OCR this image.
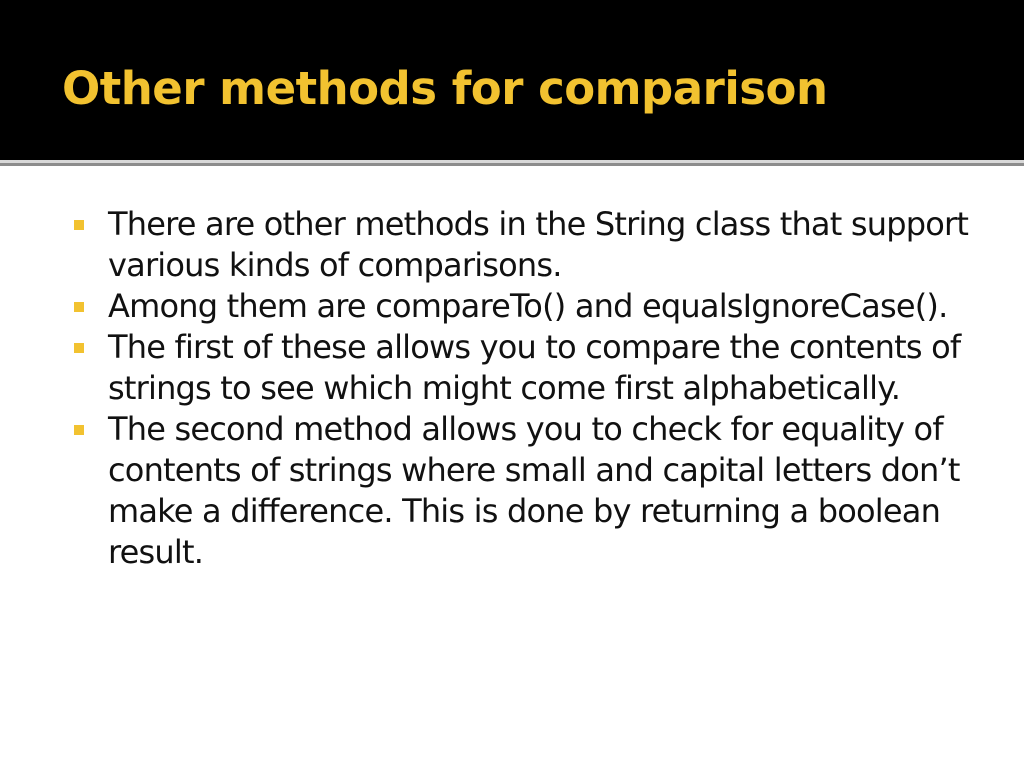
Other methods for comparison
There are other methods in the String class that support various kinds of comparisons.
Among them are compareTo() and equalsIgnoreCase().
The first of these allows you to compare the contents of strings to see which might come first alphabetically.
The second method allows you to check for equality of contents of strings where small and capital letters don’t make a difference. This is done by returning a boolean result.
